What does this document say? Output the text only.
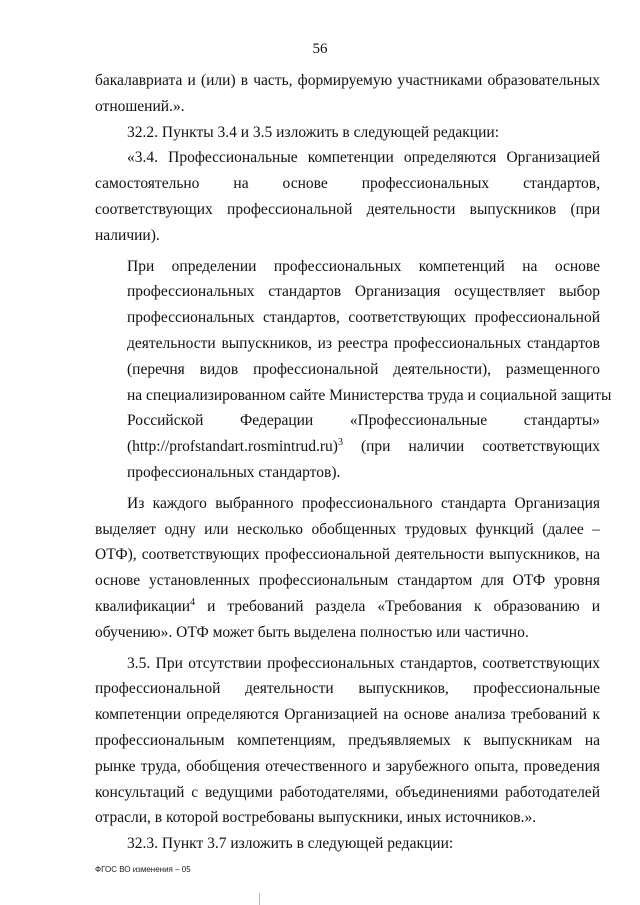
56

бакалавриата и (или) в часть, формируемую участниками образовательных отношений.».

32.2. Пункты 3.4 и 3.5 изложить в следующей редакции:

«3.4. Профессиональные компетенции определяются Организацией самостоятельно на основе профессиональных стандартов, соответствующих профессиональной деятельности выпускников (при наличии).

При определении профессиональных компетенций на основе
профессиональных стандартов Организация осуществляет выбор
профессиональных стандартов, соответствующих профессиональной
деятельности выпускников, из реестра профессиональных стандартов
(перечня видов профессиональной деятельности), размещенного
на специализированном сайте Министерства труда и социальной защиты
Российской Федерации «Профессиональные стандарты»
(http://profstandart.rosmintrud.ru)$^3$ (при наличии соответствующих
профессиональных стандартов).

Из каждого выбранного профессионального стандарта Организация выделяет одну или несколько обобщенных трудовых функций (далее – ОТФ), соответствующих профессиональной деятельности выпускников, на основе установленных профессиональным стандартом для ОТФ уровня квалификации$^4$ и требований раздела «Требования к образованию и обучению». ОТФ может быть выделена полностью или частично.

3.5. При отсутствии профессиональных стандартов, соответствующих профессиональной деятельности выпускников, профессиональные компетенции определяются Организацией на основе анализа требований к профессиональным компетенциям, предъявляемых к выпускникам на рынке труда, обобщения отечественного и зарубежного опыта, проведения консультаций с ведущими работодателями, объединениями работодателей отрасли, в которой востребованы выпускники, иных источников.».

32.3. Пункт 3.7 изложить в следующей редакции:

ФГОС ВО изменения – 05
